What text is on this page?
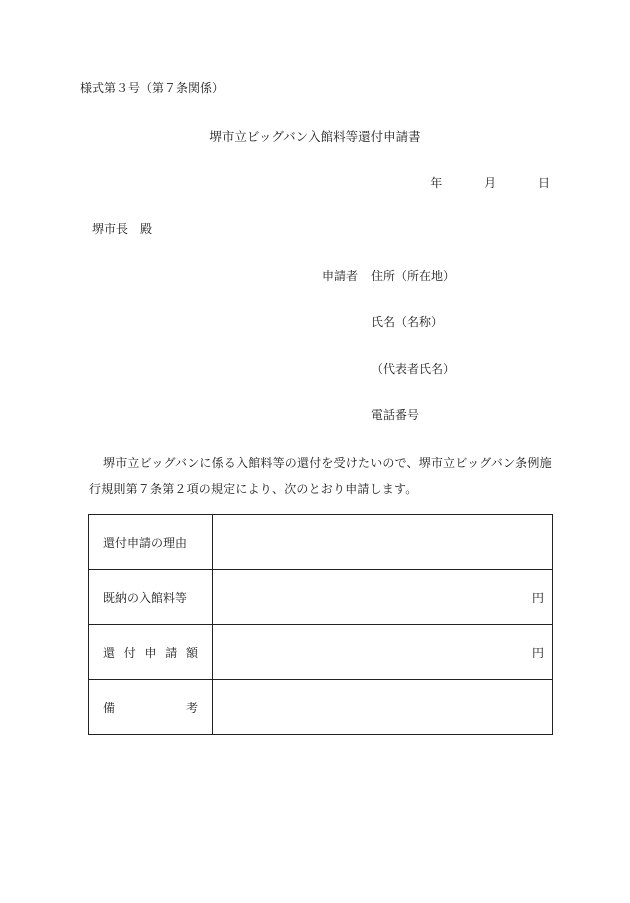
様式第３号（第７条関係）
堺市立ビッグバン入館料等還付申請書
年	月	日
堺市長　殿
申請者 住所（所在地）
氏名（名称）
（代表者氏名）
電話番号
堺市立ビッグバンに係る入館料等の還付を受けたいので、堺市立ビッグバン条例施行規則第７条第２項の規定により、次のとおり申請します。
還付申請の理由	
既納の入館料等	円

還 付 申 請 額	円

備 考	
